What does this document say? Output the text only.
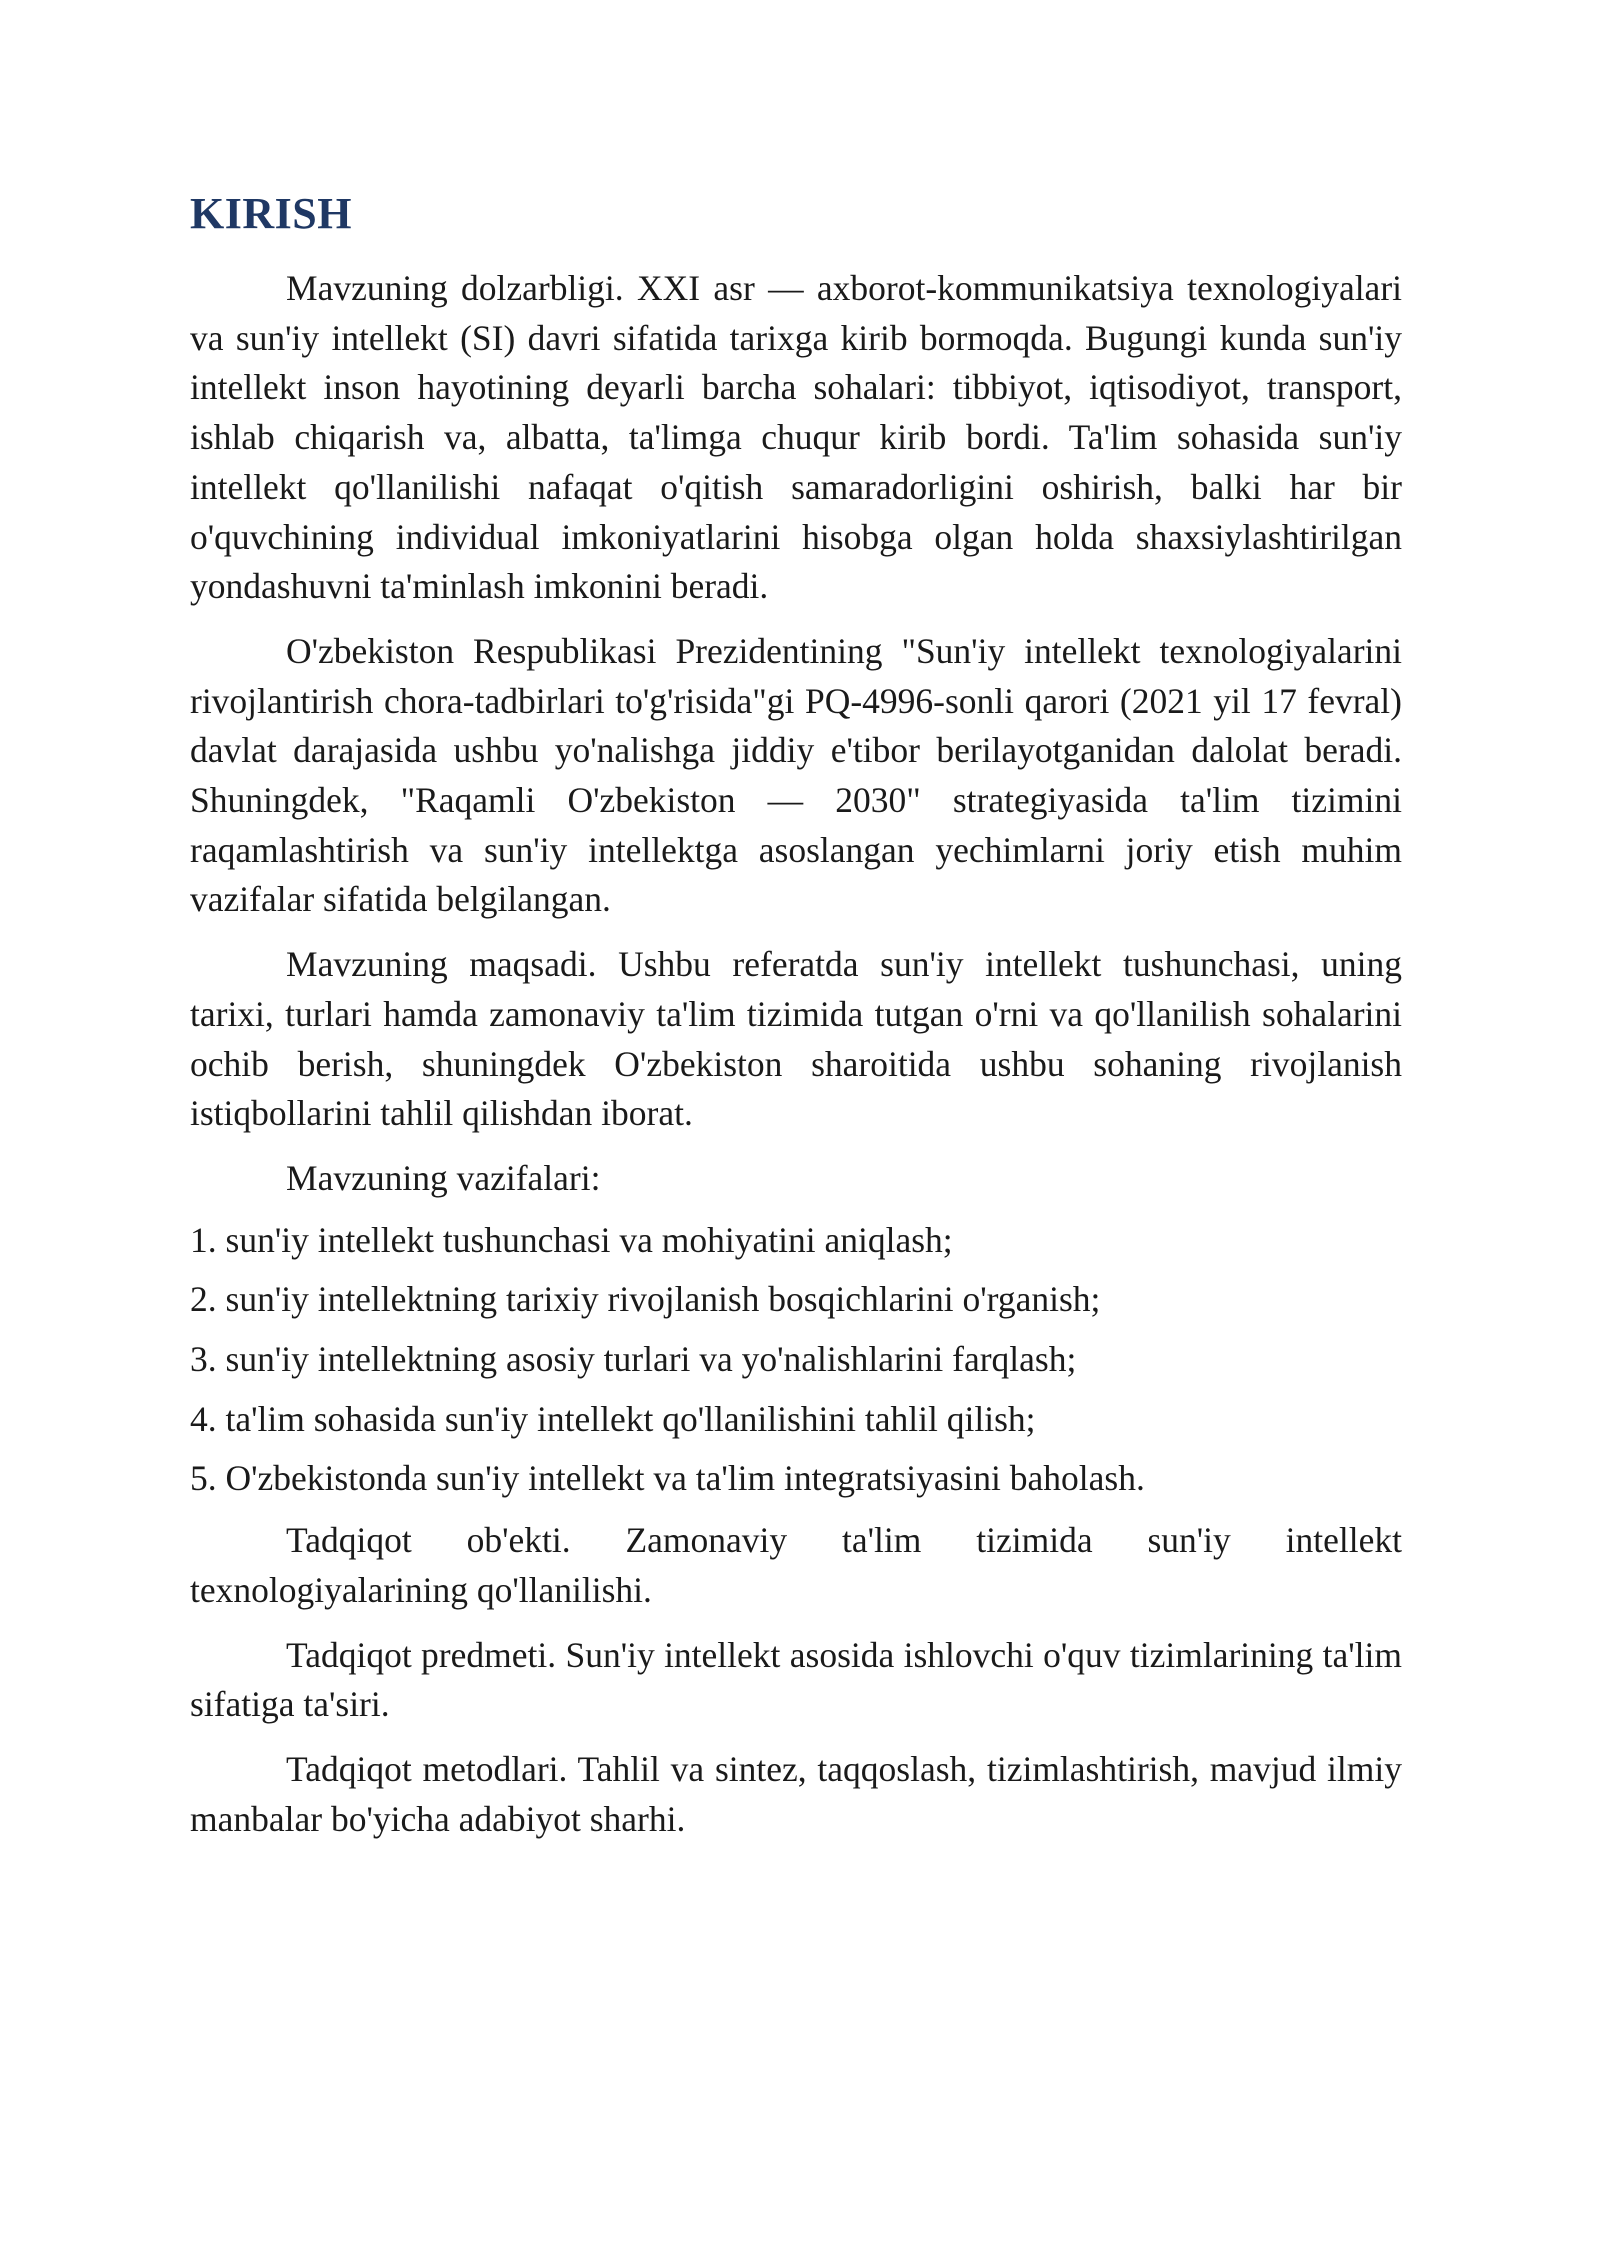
KIRISH

Mavzuning dolzarbligi. XXI asr — axborot-kommunikatsiya texnologiyalari va sun'iy intellekt (SI) davri sifatida tarixga kirib bormoqda. Bugungi kunda sun'iy intellekt inson hayotining deyarli barcha sohalari: tibbiyot, iqtisodiyot, transport, ishlab chiqarish va, albatta, ta'limga chuqur kirib bordi. Ta'lim sohasida sun'iy intellekt qo'llanilishi nafaqat o'qitish samaradorligini oshirish, balki har bir o'quvchining individual imkoniyatlarini hisobga olgan holda shaxsiylashtirilgan yondashuvni ta'minlash imkonini beradi.

O'zbekiston Respublikasi Prezidentining "Sun'iy intellekt texnologiyalarini rivojlantirish chora-tadbirlari to'g'risida"gi PQ-4996-sonli qarori (2021 yil 17 fevral) davlat darajasida ushbu yo'nalishga jiddiy e'tibor berilayotganidan dalolat beradi. Shuningdek, "Raqamli O'zbekiston — 2030" strategiyasida ta'lim tizimini raqamlashtirish va sun'iy intellektga asoslangan yechimlarni joriy etish muhim vazifalar sifatida belgilangan.

Mavzuning maqsadi. Ushbu referatda sun'iy intellekt tushunchasi, uning tarixi, turlari hamda zamonaviy ta'lim tizimida tutgan o'rni va qo'llanilish sohalarini ochib berish, shuningdek O'zbekiston sharoitida ushbu sohaning rivojlanish istiqbollarini tahlil qilishdan iborat.

Mavzuning vazifalari:

1. sun'iy intellekt tushunchasi va mohiyatini aniqlash;
2. sun'iy intellektning tarixiy rivojlanish bosqichlarini o'rganish;
3. sun'iy intellektning asosiy turlari va yo'nalishlarini farqlash;
4. ta'lim sohasida sun'iy intellekt qo'llanilishini tahlil qilish;
5. O'zbekistonda sun'iy intellekt va ta'lim integratsiyasini baholash.

Tadqiqot ob'ekti. Zamonaviy ta'lim tizimida sun'iy intellekt texnologiyalarining qo'llanilishi.

Tadqiqot predmeti. Sun'iy intellekt asosida ishlovchi o'quv tizimlarining ta'lim sifatiga ta'siri.

Tadqiqot metodlari. Tahlil va sintez, taqqoslash, tizimlashtirish, mavjud ilmiy manbalar bo'yicha adabiyot sharhi.
